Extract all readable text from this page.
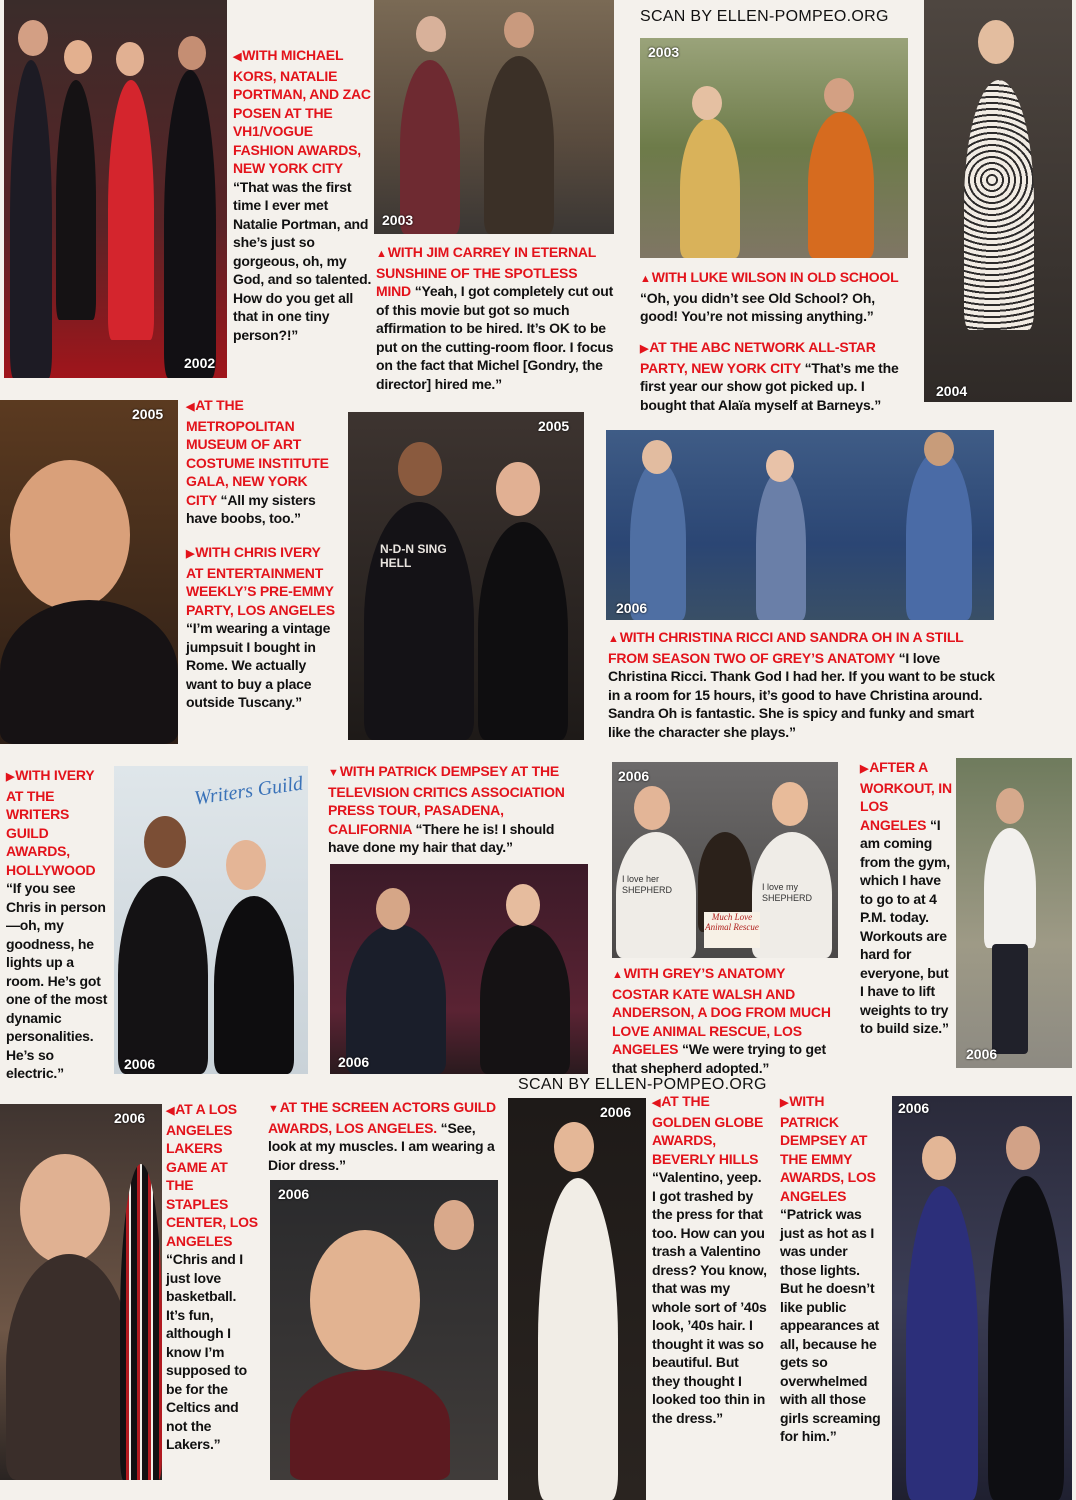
SCAN BY ELLEN-POMPEO.ORG
SCAN BY ELLEN-POMPEO.ORG
2002
◀WITH MICHAEL KORS, NATALIE PORTMAN, AND ZAC POSEN AT THE VH1/VOGUE FASHION AWARDS, NEW YORK CITY “That was the first time I ever met Natalie Portman, and she’s just so gorgeous, oh, my God, and so talented. How do you get all that in one tiny person?!”
2003
▲WITH JIM CARREY IN ETERNAL SUNSHINE OF THE SPOTLESS MIND “Yeah, I got completely cut out of this movie but got so much affirmation to be hired. It’s OK to be put on the cutting-room floor. I focus on the fact that Michel [Gondry, the director] hired me.”
2003
▲WITH LUKE WILSON IN OLD SCHOOL “Oh, you didn’t see Old School? Oh, good! You’re not missing anything.”
▶AT THE ABC NETWORK ALL-STAR PARTY, NEW YORK CITY “That’s me the first year our show got picked up. I bought that Alaïa myself at Barneys.”
2004
2005 ◀AT THE METROPOLITAN MUSEUM OF ART COSTUME INSTITUTE GALA, NEW YORK CITY “All my sisters have boobs, too.”
▶WITH CHRIS IVERY AT ENTERTAINMENT WEEKLY’S PRE-EMMY PARTY, LOS ANGELES “I’m wearing a vintage jumpsuit I bought in Rome. We actually want to buy a place outside Tuscany.”
N-D-N SING HELL
2005
2006
▲WITH CHRISTINA RICCI AND SANDRA OH IN A STILL FROM SEASON TWO OF GREY’S ANATOMY “I love Christina Ricci. Thank God I had her. If you want to be stuck in a room for 15 hours, it’s good to have Christina around. Sandra Oh is fantastic. She is spicy and funky and smart like the character she plays.”
▶WITH IVERY AT THE WRITERS GUILD AWARDS, HOLLYWOOD “If you see Chris in person—oh, my goodness, he lights up a room. He’s got one of the most dynamic personalities. He’s so electric.”
Writers Guild
2006
▼WITH PATRICK DEMPSEY AT THE TELEVISION CRITICS ASSOCIATION PRESS TOUR, PASADENA, CALIFORNIA “There he is! I should have done my hair that day.”
2006
I love her SHEPHERD	I love my SHEPHERD
Much Love Animal Rescue
2006
▲WITH GREY’S ANATOMY COSTAR KATE WALSH AND ANDERSON, A DOG FROM MUCH LOVE ANIMAL RESCUE, LOS ANGELES “We were trying to get that shepherd adopted.”
▶AFTER A WORKOUT, IN LOS ANGELES “I am coming from the gym, which I have to go to at 4 P.M. today. Workouts are hard for everyone, but I have to lift weights to try to build size.”
2006
2006 ◀AT A LOS ANGELES LAKERS GAME AT THE STAPLES CENTER, LOS ANGELES “Chris and I just love basketball. It’s fun, although I know I’m supposed to be for the Celtics and not the Lakers.”
▼AT THE SCREEN ACTORS GUILD AWARDS, LOS ANGELES. “See, look at my muscles. I am wearing a Dior dress.”
2006
2006
◀AT THE GOLDEN GLOBE AWARDS, BEVERLY HILLS “Valentino, yeep. I got trashed by the press for that too. How can you trash a Valentino dress? You know, that was my whole sort of ’40s look, ’40s hair. I thought it was so beautiful. But they thought I looked too thin in the dress.”
▶WITH PATRICK DEMPSEY AT THE EMMY AWARDS, LOS ANGELES “Patrick was just as hot as I was under those lights. But he doesn’t like public appearances at all, because he gets so overwhelmed with all those girls screaming for him.”
2006
